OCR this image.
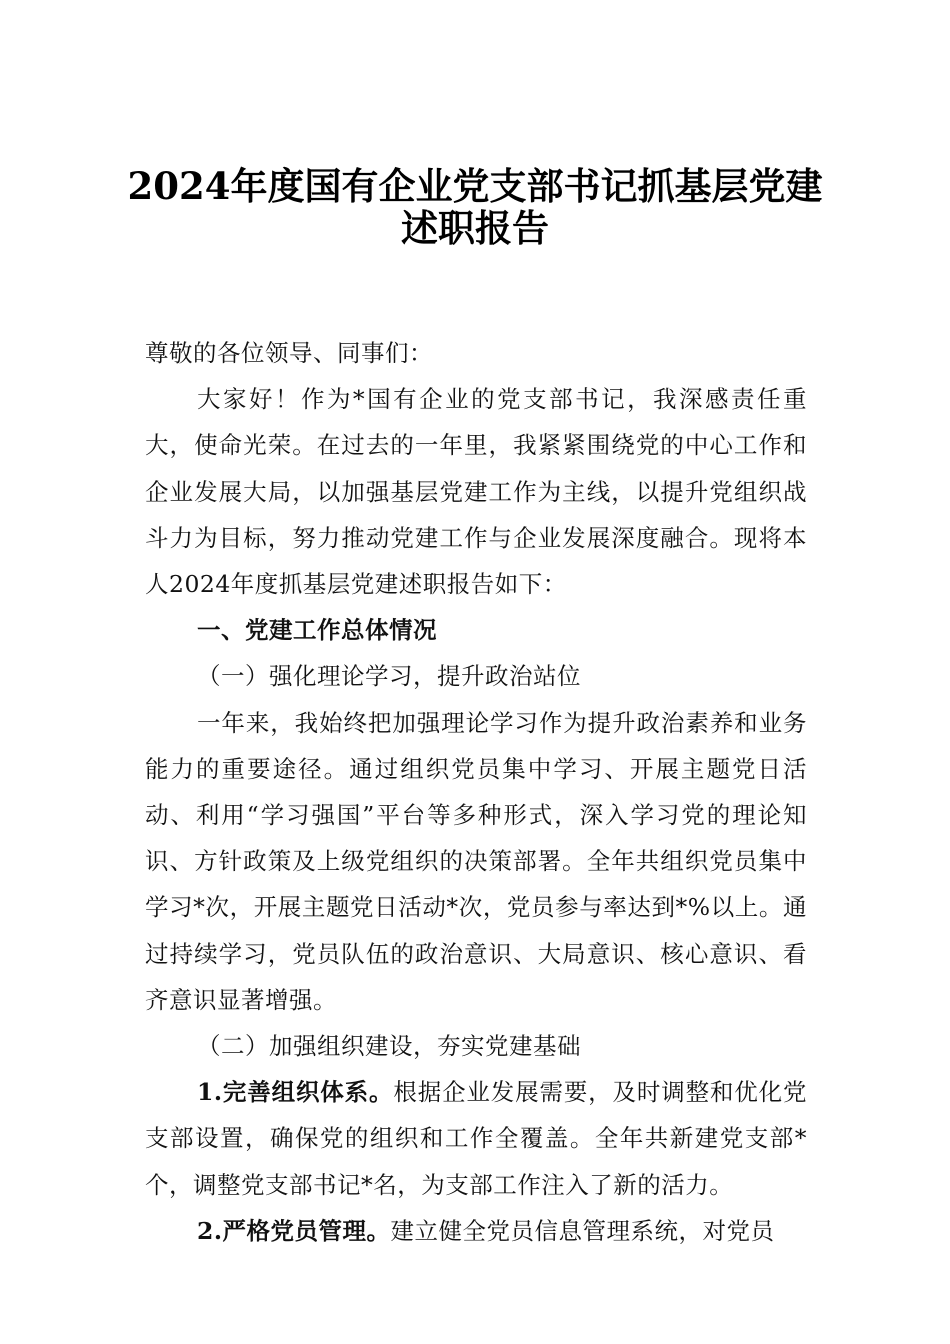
2024年度国有企业党支部书记抓基层党建
述职报告

尊敬的各位领导、同事们：

大家好！作为*国有企业的党支部书记，我深感责任重大，使命光荣。在过去的一年里，我紧紧围绕党的中心工作和企业发展大局，以加强基层党建工作为主线，以提升党组织战斗力为目标，努力推动党建工作与企业发展深度融合。现将本人2024年度抓基层党建述职报告如下：

一、党建工作总体情况

（一）强化理论学习，提升政治站位

一年来，我始终把加强理论学习作为提升政治素养和业务能力的重要途径。通过组织党员集中学习、开展主题党日活动、利用“学习强国”平台等多种形式，深入学习党的理论知识、方针政策及上级党组织的决策部署。全年共组织党员集中学习*次，开展主题党日活动*次，党员参与率达到*%以上。通过持续学习，党员队伍的政治意识、大局意识、核心意识、看齐意识显著增强。

（二）加强组织建设，夯实党建基础

1.完善组织体系。根据企业发展需要，及时调整和优化党支部设置，确保党的组织和工作全覆盖。全年共新建党支部*个，调整党支部书记*名，为支部工作注入了新的活力。

2.严格党员管理。建立健全党员信息管理系统，对党员
